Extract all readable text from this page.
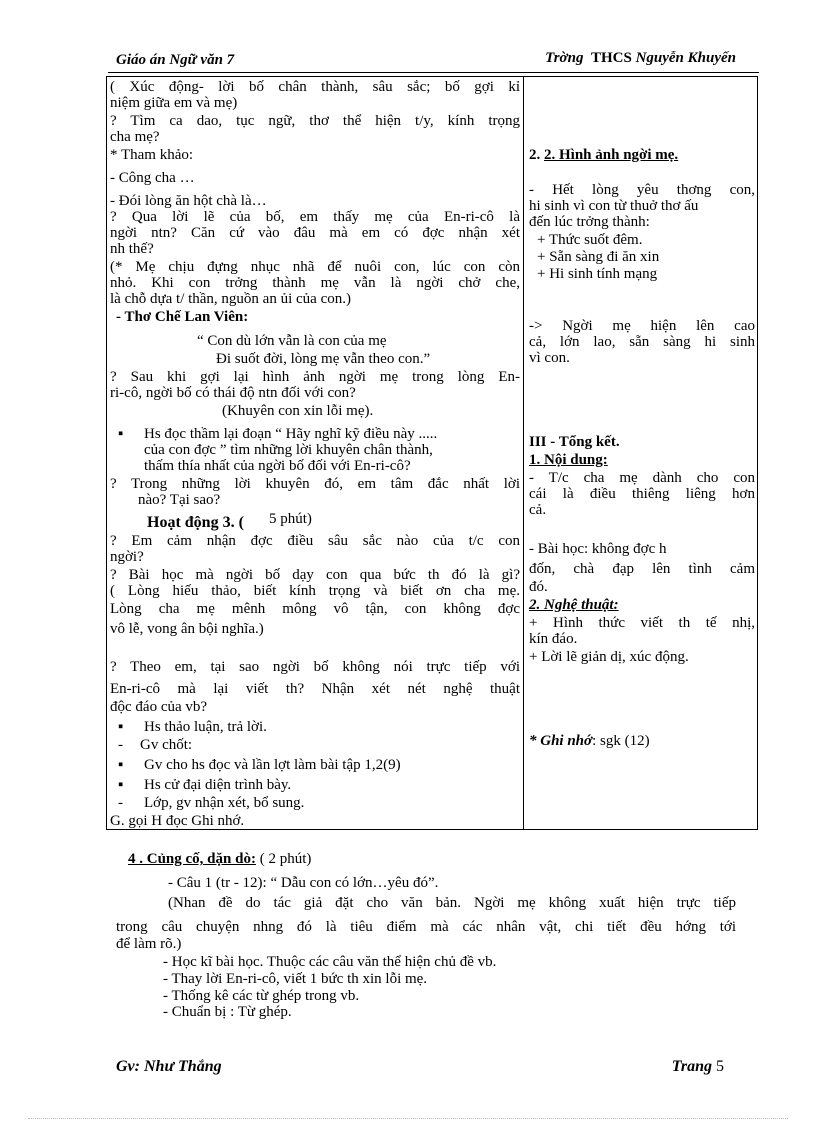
Giáo án Ngữ văn 7	Trờng THCS Nguyễn Khuyến
( Xúc động- lời bố chân thành, sâu sắc; bố gợi kỉ
niệm giữa em và mẹ)
? Tìm ca dao, tục ngữ, thơ thể hiện t/y, kính trọng
cha mẹ?
* Tham khảo:
- Công cha …
- Đói lòng ăn hột chà là…
? Qua lời lẽ của bố, em thấy mẹ của En-ri-cô là
ngời ntn? Căn cứ vào đâu mà em có đợc nhận xét
nh thế?
(* Mẹ chịu đựng nhục nhã để nuôi con, lúc con còn
nhỏ. Khi con trởng thành mẹ vẫn là ngời chở che,
là chỗ dựa t/ thần, nguồn an ủi của con.)
- Thơ Chế Lan Viên:
“ Con dù lớn vẫn là con của mẹ
Đi suốt đời, lòng mẹ vẫn theo con.”
? Sau khi gợi lại hình ảnh ngời mẹ trong lòng En-
ri-cô, ngời bố có thái độ ntn đối với con?
(Khuyên con xin lỗi mẹ).
▪ Hs đọc thầm lại đoạn “ Hãy nghĩ kỹ điều này .....
của con đợc ” tìm những lời khuyên chân thành,
thấm thía nhất của ngời bố đối với En-ri-cô?
? Trong những lời khuyên đó, em tâm đắc nhất lời
nào? Tại sao?
Hoạt động 3. ( 5 phút)
? Em cảm nhận đợc điều sâu sắc nào của t/c con
ngời?
? Bài học mà ngời bố dạy con qua bức th đó là gì?
( Lòng hiếu thảo, biết kính trọng và biết ơn cha mẹ.
Lòng cha mẹ mênh mông vô tận, con không đợc
vô lễ, vong ân bội nghĩa.)
? Theo em, tại sao ngời bố không nói trực tiếp với
En-ri-cô mà lại viết th? Nhận xét nét nghệ thuật
độc đáo của vb?
▪ Hs thảo luận, trả lời.
- Gv chốt:
▪ Gv cho hs đọc và lần lợt làm bài tập 1,2(9)
▪ Hs cử đại diện trình bày.
- Lớp, gv nhận xét, bổ sung.
G. gọi H đọc Ghi nhớ.
2. 2. Hình ảnh ngời mẹ.
- Hết lòng yêu thơng con,
hi sinh vì con từ thuở thơ ấu
đến lúc trởng thành:
+ Thức suốt đêm.
+ Sẵn sàng đi ăn xin
+ Hi sinh tính mạng
-> Ngời mẹ hiện lên cao
cả, lớn lao, sẵn sàng hi sinh
vì con.
III - Tổng kết.
1. Nội dung:
- T/c cha mẹ dành cho con
cái là điều thiêng liêng hơn
cả.
- Bài học: không đợc h
đốn, chà đạp lên tình cảm
đó.
2. Nghệ thuật:
+ Hình thức viết th tế nhị,
kín đáo.
+ Lời lẽ giản dị, xúc động.
* Ghi nhớ: sgk (12)
4 . Củng cố, dặn dò: ( 2 phút)
- Câu 1 (tr - 12): “ Dẫu con có lớn…yêu đó”.
(Nhan đề do tác giả đặt cho văn bản. Ngời mẹ không xuất hiện trực tiếp
trong câu chuyện nhng đó là tiêu điểm mà các nhân vật, chi tiết đều hớng tới
để làm rõ.)
- Học kĩ bài học. Thuộc các câu văn thể hiện chủ đề vb.
- Thay lời En-ri-cô, viết 1 bức th xin lỗi mẹ.
- Thống kê các từ ghép trong vb.
- Chuẩn bị : Từ ghép.
Gv: Như Thắng	Trang 5
